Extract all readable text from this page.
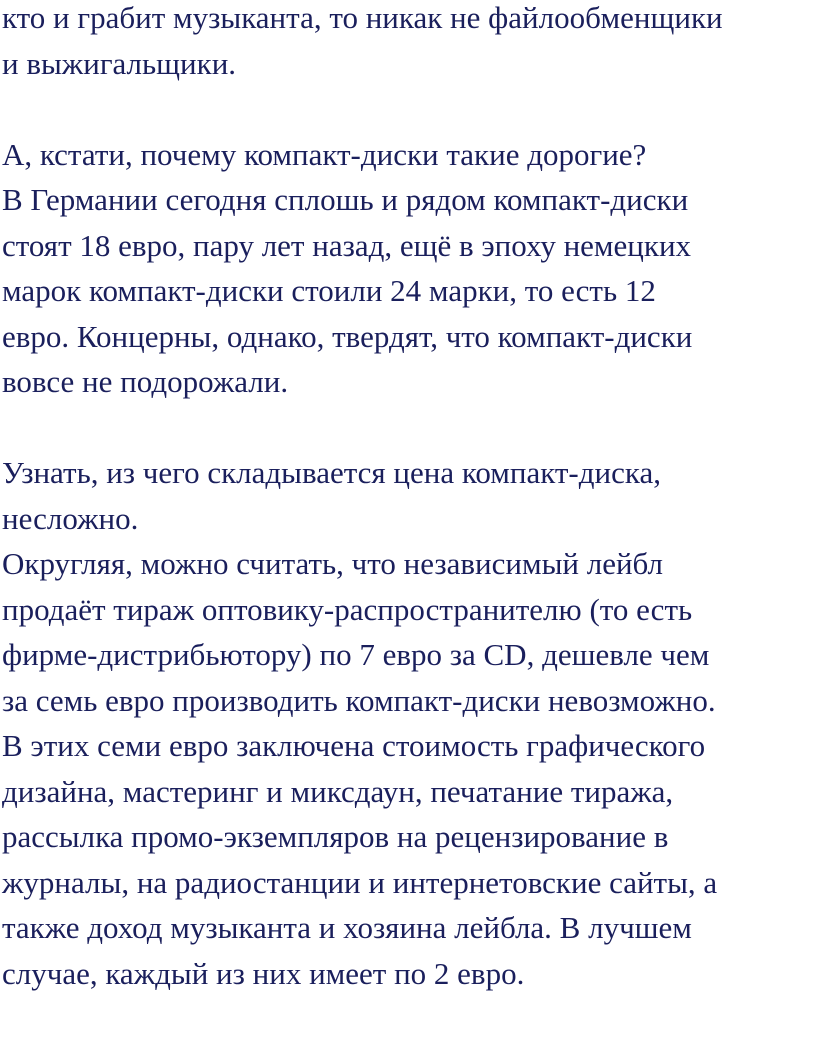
кто и грабит музыканта, то никак не файлообменщики
и выжигальщики.
А, кстати, почему компакт-диски такие дорогие?
В Германии сегодня сплошь и рядом компакт-диски
стоят 18 евро, пару лет назад, ещё в эпоху немецких
марок компакт-диски стоили 24 марки, то есть 12
евро. Концерны, однако, твердят, что компакт-диски
вовсе не подорожали.
Узнать, из чего складывается цена компакт-диска,
несложно.
Округляя, можно считать, что независимый лейбл
продаёт тираж оптовику-распространителю (то есть
фирме-дистрибьютору) по 7 евро за CD, дешевле чем
за семь евро производить компакт-диски невозможно.
В этих семи евро заключена стоимость графического
дизайна, мастеринг и миксдаун, печатание тиража,
рассылка промо-экземпляров на рецензирование в
журналы, на радиостанции и интернетовские сайты, а
также доход музыканта и хозяина лейбла. В лучшем
случае, каждый из них имеет по 2 евро.
